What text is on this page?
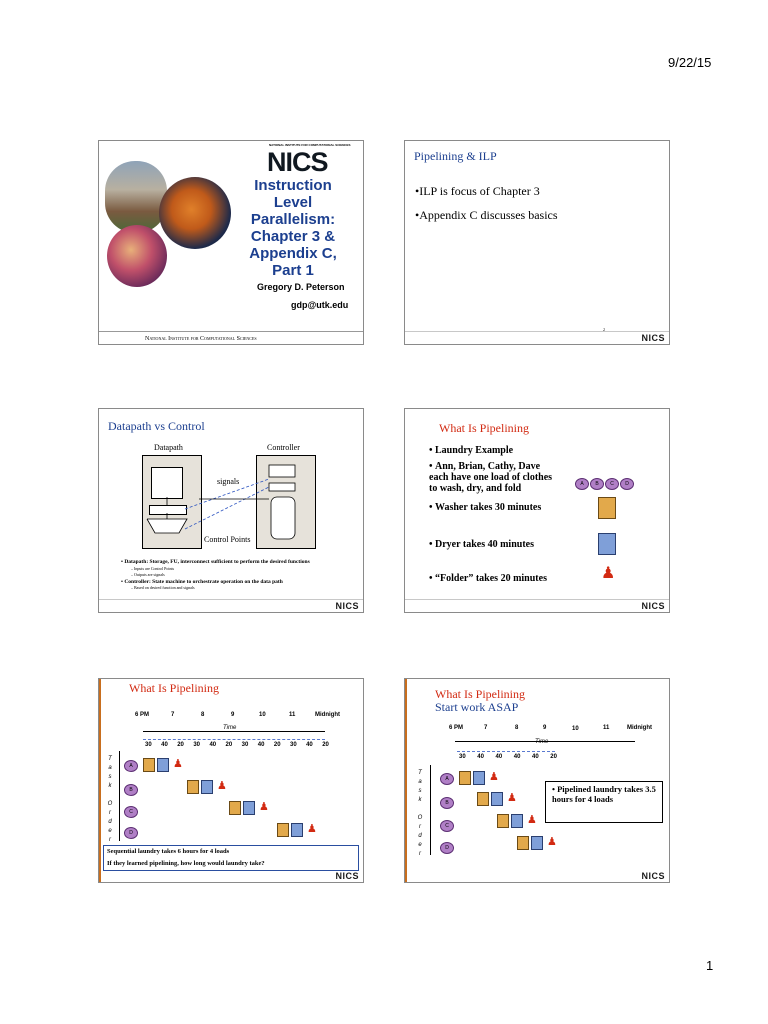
9/22/15
NATIONAL INSTITUTE FOR COMPUTATIONAL SCIENCES
NICS
Instruction
Level
Parallelism:
Chapter 3 &
Appendix C,
Part 1
Gregory D. Peterson
gdp@utk.edu
National Institute for Computational Sciences
Pipelining & ILP
•ILP is focus of Chapter 3
•Appendix C discusses basics
2
NICS
Datapath vs Control
Datapath	Controller
signals
Control Points
• Datapath: Storage, FU, interconnect sufficient to perform the desired functions
– Inputs are Control Points
– Outputs are signals
• Controller: State machine to orchestrate operation on the data path
– Based on desired function and signals
NICS
What Is Pipelining
• Laundry Example
• Ann, Brian, Cathy, Dave each have one load of clothes to wash, dry, and fold
• Washer takes 30 minutes
• Dryer takes 40 minutes
• “Folder” takes 20 minutes
A	B	C	D
♟
NICS
What Is Pipelining
6 PM	7	8	9	10	11	Midnight
Time
30 40 20 30 40 20 30 40 20 30 40 20
T
a
s
k

O
r
d
e
r
A
B
C
D
♟
♟
♟
♟
Sequential laundry takes 6 hours for 4 loads
If they learned pipelining, how long would laundry take?
NICS
What Is Pipelining
Start work ASAP
6 PM	7	8	9	10	11	Midnight
Time
30 40 40 40 40 20
T
a
s
k

O
r
d
e
r
A
B
C
D
♟
♟
♟
♟
• Pipelined laundry takes 3.5 hours for 4 loads
NICS
1
